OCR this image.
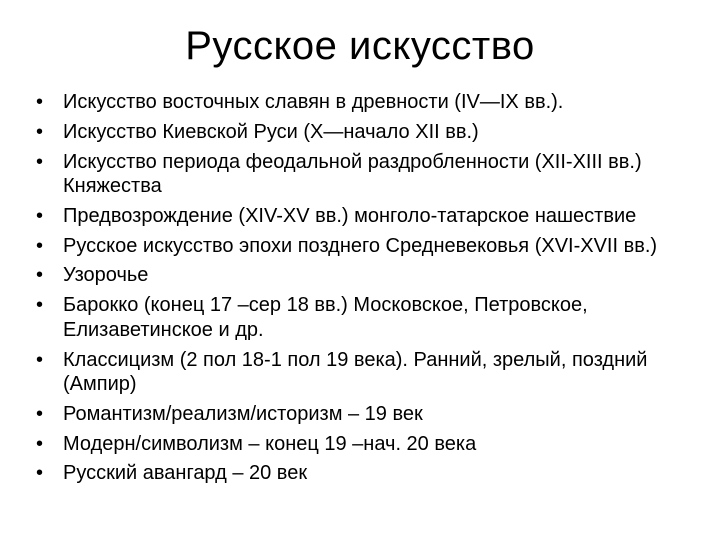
Русское искусство
• Искусство восточных славян в древности (IV—IX вв.).
• Искусство Киевской Руси (X—начало XII вв.)
• Искусство периода феодальной раздробленности (XII-XIII вв.) Княжества
• Предвозрождение (XIV-XV вв.) монголо-татарское нашествие
• Русское искусство эпохи позднего Средневековья (XVI-XVII вв.)
• Узорочье
• Барокко (конец 17 –сер 18 вв.) Московское, Петровское, Елизаветинское и др.
• Классицизм (2 пол 18-1 пол 19 века). Ранний, зрелый, поздний (Ампир)
• Романтизм/реализм/историзм – 19 век
• Модерн/символизм – конец 19 –нач. 20 века
• Русский авангард – 20 век
